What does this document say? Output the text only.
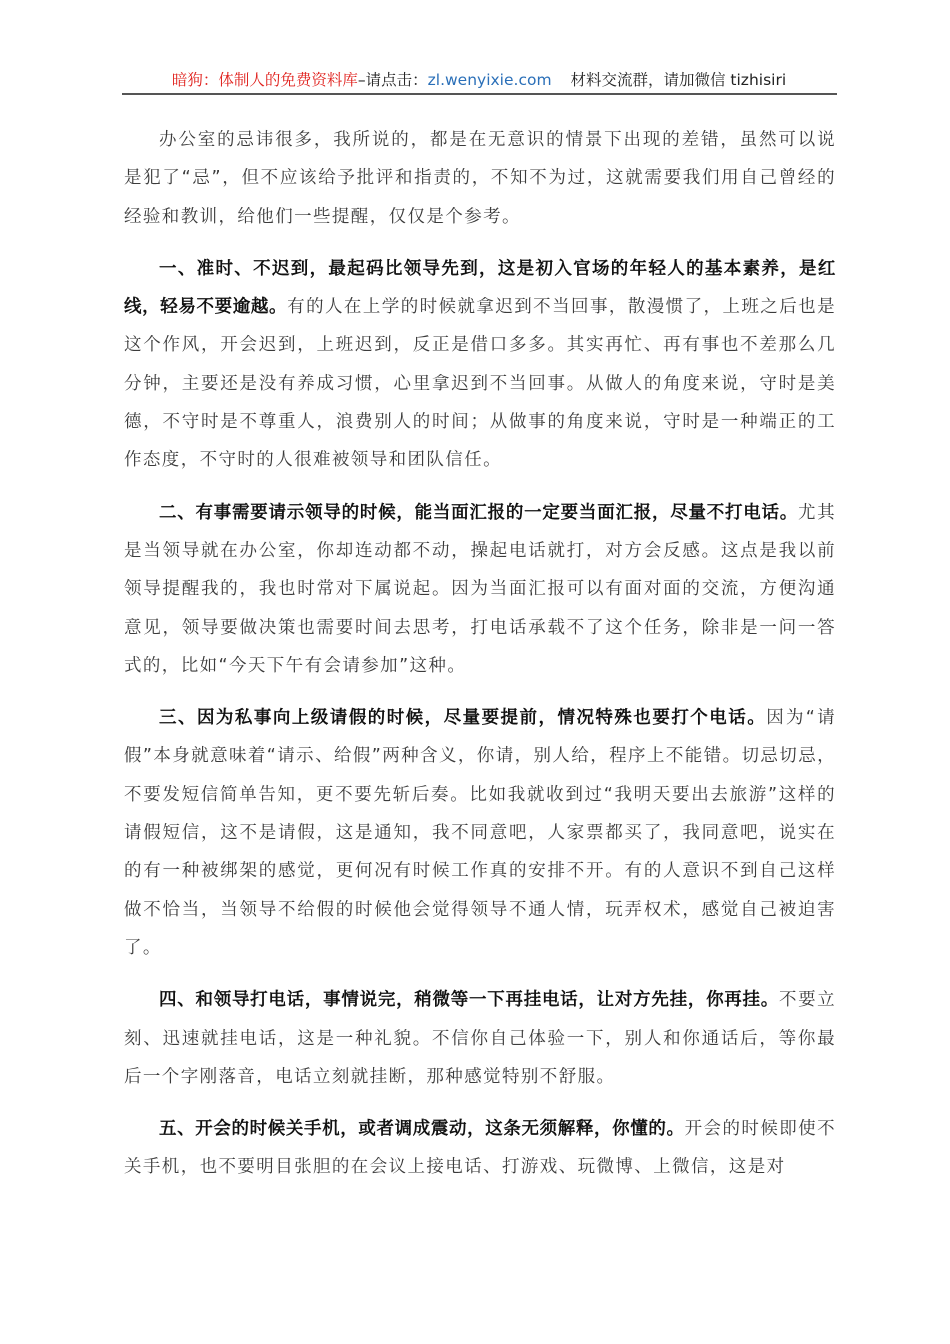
暗狗：体制人的免费资料库–请点击：zl.wenyixie.com 材料交流群，请加微信 tizhisiri

办公室的忌讳很多，我所说的，都是在无意识的情景下出现的差错，虽然可以说是犯了“忌”，但不应该给予批评和指责的，不知不为过，这就需要我们用自己曾经的经验和教训，给他们一些提醒，仅仅是个参考。

一、准时、不迟到，最起码比领导先到，这是初入官场的年轻人的基本素养，是红线，轻易不要逾越。有的人在上学的时候就拿迟到不当回事，散漫惯了，上班之后也是这个作风，开会迟到，上班迟到，反正是借口多多。其实再忙、再有事也不差那么几分钟，主要还是没有养成习惯，心里拿迟到不当回事。从做人的角度来说，守时是美德，不守时是不尊重人，浪费别人的时间；从做事的角度来说，守时是一种端正的工作态度，不守时的人很难被领导和团队信任。

二、有事需要请示领导的时候，能当面汇报的一定要当面汇报，尽量不打电话。尤其是当领导就在办公室，你却连动都不动，操起电话就打，对方会反感。这点是我以前领导提醒我的，我也时常对下属说起。因为当面汇报可以有面对面的交流，方便沟通意见，领导要做决策也需要时间去思考，打电话承载不了这个任务，除非是一问一答式的，比如“今天下午有会请参加”这种。

三、因为私事向上级请假的时候，尽量要提前，情况特殊也要打个电话。因为“请假”本身就意味着“请示、给假”两种含义，你请，别人给，程序上不能错。切忌切忌，不要发短信简单告知，更不要先斩后奏。比如我就收到过“我明天要出去旅游”这样的请假短信，这不是请假，这是通知，我不同意吧，人家票都买了，我同意吧，说实在的有一种被绑架的感觉，更何况有时候工作真的安排不开。有的人意识不到自己这样做不恰当，当领导不给假的时候他会觉得领导不通人情，玩弄权术，感觉自己被迫害了。

四、和领导打电话，事情说完，稍微等一下再挂电话，让对方先挂，你再挂。不要立刻、迅速就挂电话，这是一种礼貌。不信你自己体验一下，别人和你通话后，等你最后一个字刚落音，电话立刻就挂断，那种感觉特别不舒服。

五、开会的时候关手机，或者调成震动，这条无须解释，你懂的。开会的时候即使不关手机，也不要明目张胆的在会议上接电话、打游戏、玩微博、上微信，这是对
